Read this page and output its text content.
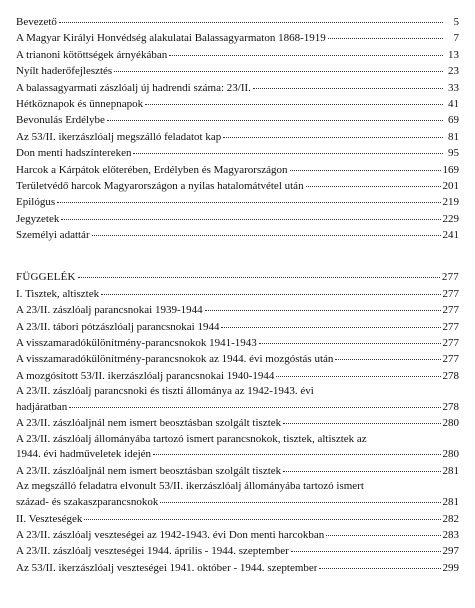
Bevezető	5
A Magyar Királyi Honvédség alakulatai Balassagyarmaton 1868-1919	7
A trianoni kötöttségek árnyékában	13
Nyílt haderőfejlesztés	23
A balassagyarmati zászlóalj új hadrendi száma: 23/II.	33
Hétköznapok és ünnepnapok	41
Bevonulás Erdélybe	69
Az 53/II. ikerzászlóalj megszálló feladatot kap	81
Don menti hadszíntereken	95
Harcok a Kárpátok előterében, Erdélyben és Magyarországon	169
Területvédő harcok Magyarországon a nyilas hatalomátvétel után	201
Epilógus	219
Jegyzetek	229
Személyi adattár	241
FÜGGELÉK	277
I. Tisztek, altisztek	277
A 23/II. zászlóalj parancsnokai 1939-1944	277
A 23/II. tábori pótzászlóalj parancsnokai 1944	277
A visszamaradókülönítmény-parancsnokok 1941-1943	277
A visszamaradókülönítmény-parancsnokok az 1944. évi mozgóstás után	277
A mozgósított 53/II. ikerzászlóalj parancsnokai 1940-1944	278
A 23/II. zászlóalj parancsnoki és tiszti állománya az 1942-1943. évi
hadjáratban	278
A 23/II. zászlóaljnál nem ismert beosztásban szolgált tisztek	280
A 23/II. zászlóalj állományába tartozó ismert parancsnokok, tisztek, altisztek az
1944. évi hadműveletek idején	280
A 23/II. zászlóaljnál nem ismert beosztásban szolgált tisztek	281
Az megszálló feladatra elvonult 53/II. ikerzászlóalj állományába tartozó ismert
század- és szakaszparancsnokok	281
II. Veszteségek	282
A 23/II. zászlóalj veszteségei az 1942-1943. évi Don menti harcokban	283
A 23/II. zászlóalj veszteségei 1944. április - 1944. szeptember	297
Az 53/II. ikerzászlóalj veszteségei 1941. október - 1944. szeptember	299
